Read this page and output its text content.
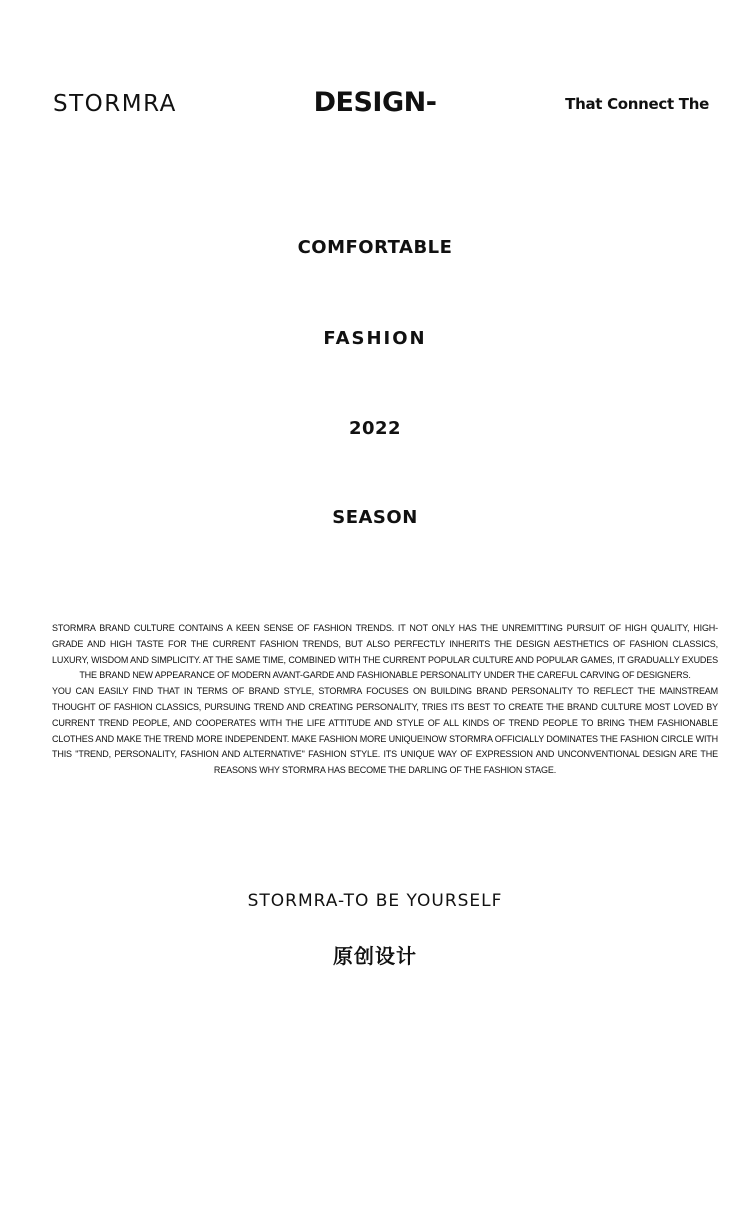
STORMRA	DESIGN-	That Connect The
COMFORTABLE
FASHION
2022
SEASON

STORMRA BRAND CULTURE CONTAINS A KEEN SENSE OF FASHION TRENDS. IT NOT ONLY HAS THE UNREMITTING PURSUIT OF HIGH QUALITY, HIGH-GRADE AND HIGH TASTE FOR THE CURRENT FASHION TRENDS, BUT ALSO PERFECTLY INHERITS THE DESIGN AESTHETICS OF FASHION CLASSICS, LUXURY, WISDOM AND SIMPLICITY. AT THE SAME TIME, COMBINED WITH THE CURRENT POPULAR CULTURE AND POPULAR GAMES, IT GRADUALLY EXUDES THE BRAND NEW APPEARANCE OF MODERN AVANT-GARDE AND FASHIONABLE PERSONALITY UNDER THE CAREFUL CARVING OF DESIGNERS.

YOU CAN EASILY FIND THAT IN TERMS OF BRAND STYLE, STORMRA FOCUSES ON BUILDING BRAND PERSONALITY TO REFLECT THE MAINSTREAM THOUGHT OF FASHION CLASSICS, PURSUING TREND AND CREATING PERSONALITY, TRIES ITS BEST TO CREATE THE BRAND CULTURE MOST LOVED BY CURRENT TREND PEOPLE, AND COOPERATES WITH THE LIFE ATTITUDE AND STYLE OF ALL KINDS OF TREND PEOPLE TO BRING THEM FASHIONABLE CLOTHES AND MAKE THE TREND MORE INDEPENDENT. MAKE FASHION MORE UNIQUE!NOW STORMRA OFFICIALLY DOMINATES THE FASHION CIRCLE WITH THIS "TREND, PERSONALITY, FASHION AND ALTERNATIVE" FASHION STYLE. ITS UNIQUE WAY OF EXPRESSION AND UNCONVENTIONAL DESIGN ARE THE REASONS WHY STORMRA HAS BECOME THE DARLING OF THE FASHION STAGE.

STORMRA-TO BE YOURSELF
原创设计
